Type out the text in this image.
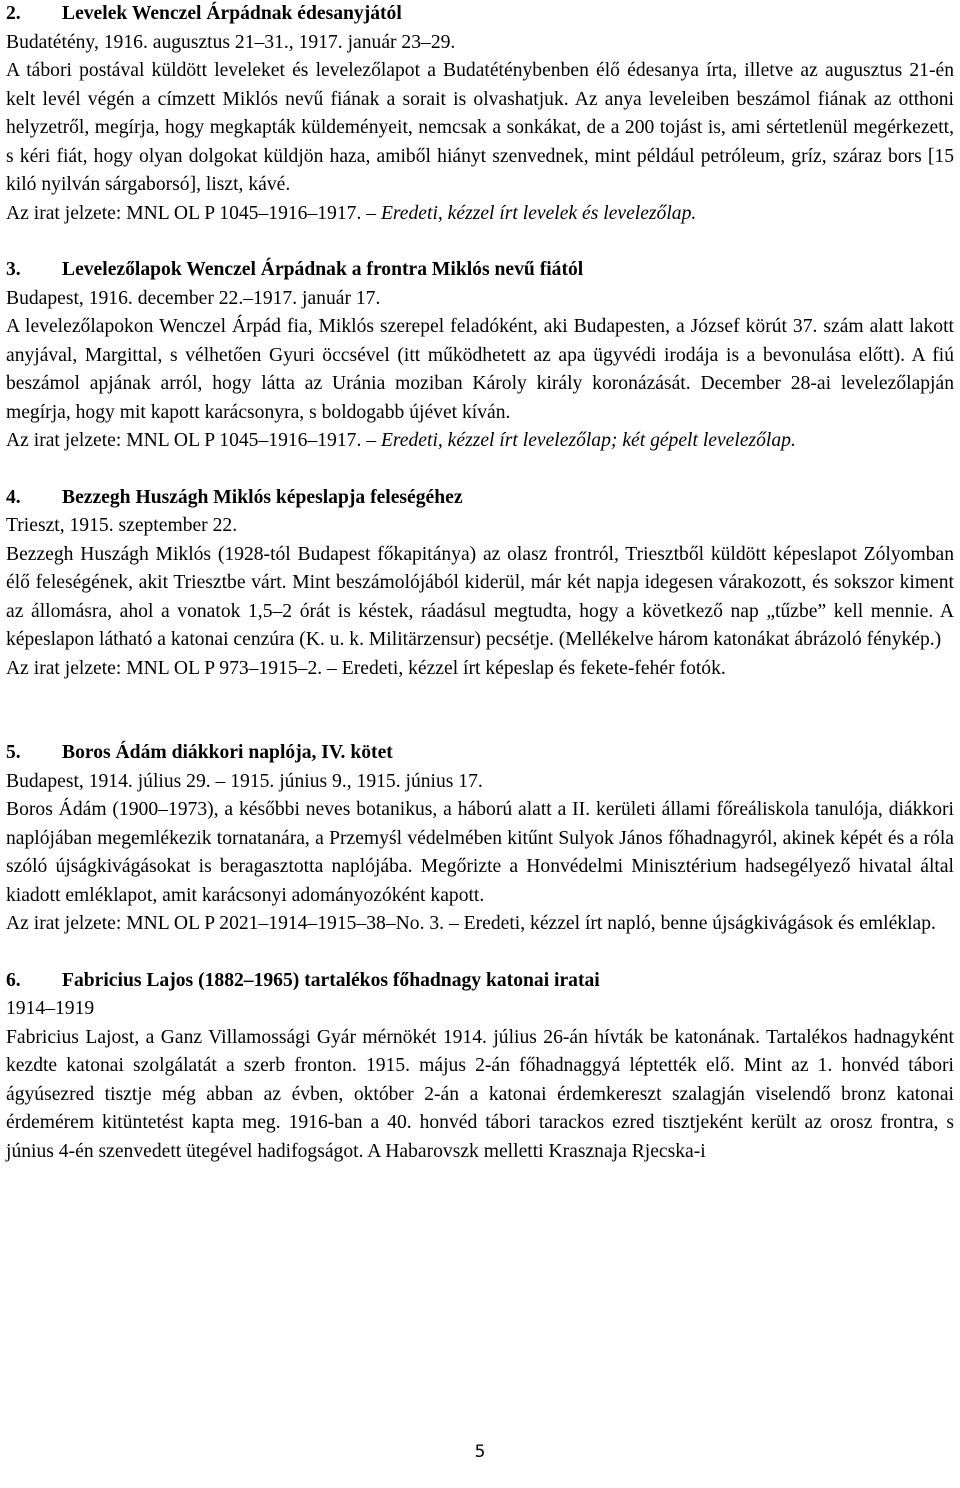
2.	Levelek Wenczel Árpádnak édesanyjától

Budatétény, 1916. augusztus 21–31., 1917. január 23–29.

A tábori postával küldött leveleket és levelezőlapot a Budatéténybenben élő édesanya írta, illetve az augusztus 21-én kelt levél végén a címzett Miklós nevű fiának a sorait is olvashatjuk. Az anya leveleiben beszámol fiának az otthoni helyzetről, megírja, hogy megkapták küldeményeit, nemcsak a sonkákat, de a 200 tojást is, ami sértetlenül megérkezett, s kéri fiát, hogy olyan dolgokat küldjön haza, amiből hiányt szenvednek, mint például petróleum, gríz, száraz bors [15 kiló nyilván sárgaborsó], liszt, kávé.

Az irat jelzete: MNL OL P 1045–1916–1917. – Eredeti, kézzel írt levelek és levelezőlap.

3.	Levelezőlapok Wenczel Árpádnak a frontra Miklós nevű fiától

Budapest, 1916. december 22.–1917. január 17.

A levelezőlapokon Wenczel Árpád fia, Miklós szerepel feladóként, aki Budapesten, a József körút 37. szám alatt lakott anyjával, Margittal, s vélhetően Gyuri öccsével (itt működhetett az apa ügyvédi irodája is a bevonulása előtt). A fiú beszámol apjának arról, hogy látta az Uránia moziban Károly király koronázását. December 28-ai levelezőlapján megírja, hogy mit kapott karácsonyra, s boldogabb újévet kíván.

Az irat jelzete: MNL OL P 1045–1916–1917. – Eredeti, kézzel írt levelezőlap; két gépelt levelezőlap.

4.	Bezzegh Huszágh Miklós képeslapja feleségéhez

Trieszt, 1915. szeptember 22.

Bezzegh Huszágh Miklós (1928-tól Budapest főkapitánya) az olasz frontról, Triesztből küldött képeslapot Zólyomban élő feleségének, akit Triesztbe várt. Mint beszámolójából kiderül, már két napja idegesen várakozott, és sokszor kiment az állomásra, ahol a vonatok 1,5–2 órát is késtek, ráadásul megtudta, hogy a következő nap „tűzbe” kell mennie. A képeslapon látható a katonai cenzúra (K. u. k. Militärzensur) pecsétje. (Mellékelve három katonákat ábrázoló fénykép.)

Az irat jelzete: MNL OL P 973–1915–2. – Eredeti, kézzel írt képeslap és fekete-fehér fotók.

5.	Boros Ádám diákkori naplója, IV. kötet

Budapest, 1914. július 29. – 1915. június 9., 1915. június 17.

Boros Ádám (1900–1973), a későbbi neves botanikus, a háború alatt a II. kerületi állami főreáliskola tanulója, diákkori naplójában megemlékezik tornatanára, a Przemyśl védelmében kitűnt Sulyok János főhadnagyról, akinek képét és a róla szóló újságkivágásokat is beragasztotta naplójába. Megőrizte a Honvédelmi Minisztérium hadsegélyező hivatal által kiadott emléklapot, amit karácsonyi adományozóként kapott.

Az irat jelzete: MNL OL P 2021–1914–1915–38–No. 3. – Eredeti, kézzel írt napló, benne újságkivágások és emléklap.

6.	Fabricius Lajos (1882–1965) tartalékos főhadnagy katonai iratai

1914–1919

Fabricius Lajost, a Ganz Villamossági Gyár mérnökét 1914. július 26-án hívták be katonának. Tartalékos hadnagyként kezdte katonai szolgálatát a szerb fronton. 1915. május 2-án főhadnaggyá léptették elő. Mint az 1. honvéd tábori ágyúsezred tisztje még abban az évben, október 2-án a katonai érdemkereszt szalagján viselendő bronz katonai érdemérem kitüntetést kapta meg. 1916-ban a 40. honvéd tábori tarackos ezred tisztjeként került az orosz frontra, s június 4-én szenvedett ütegével hadifogságot. A Habarovszk melletti Krasznaja Rjecska-i

5
